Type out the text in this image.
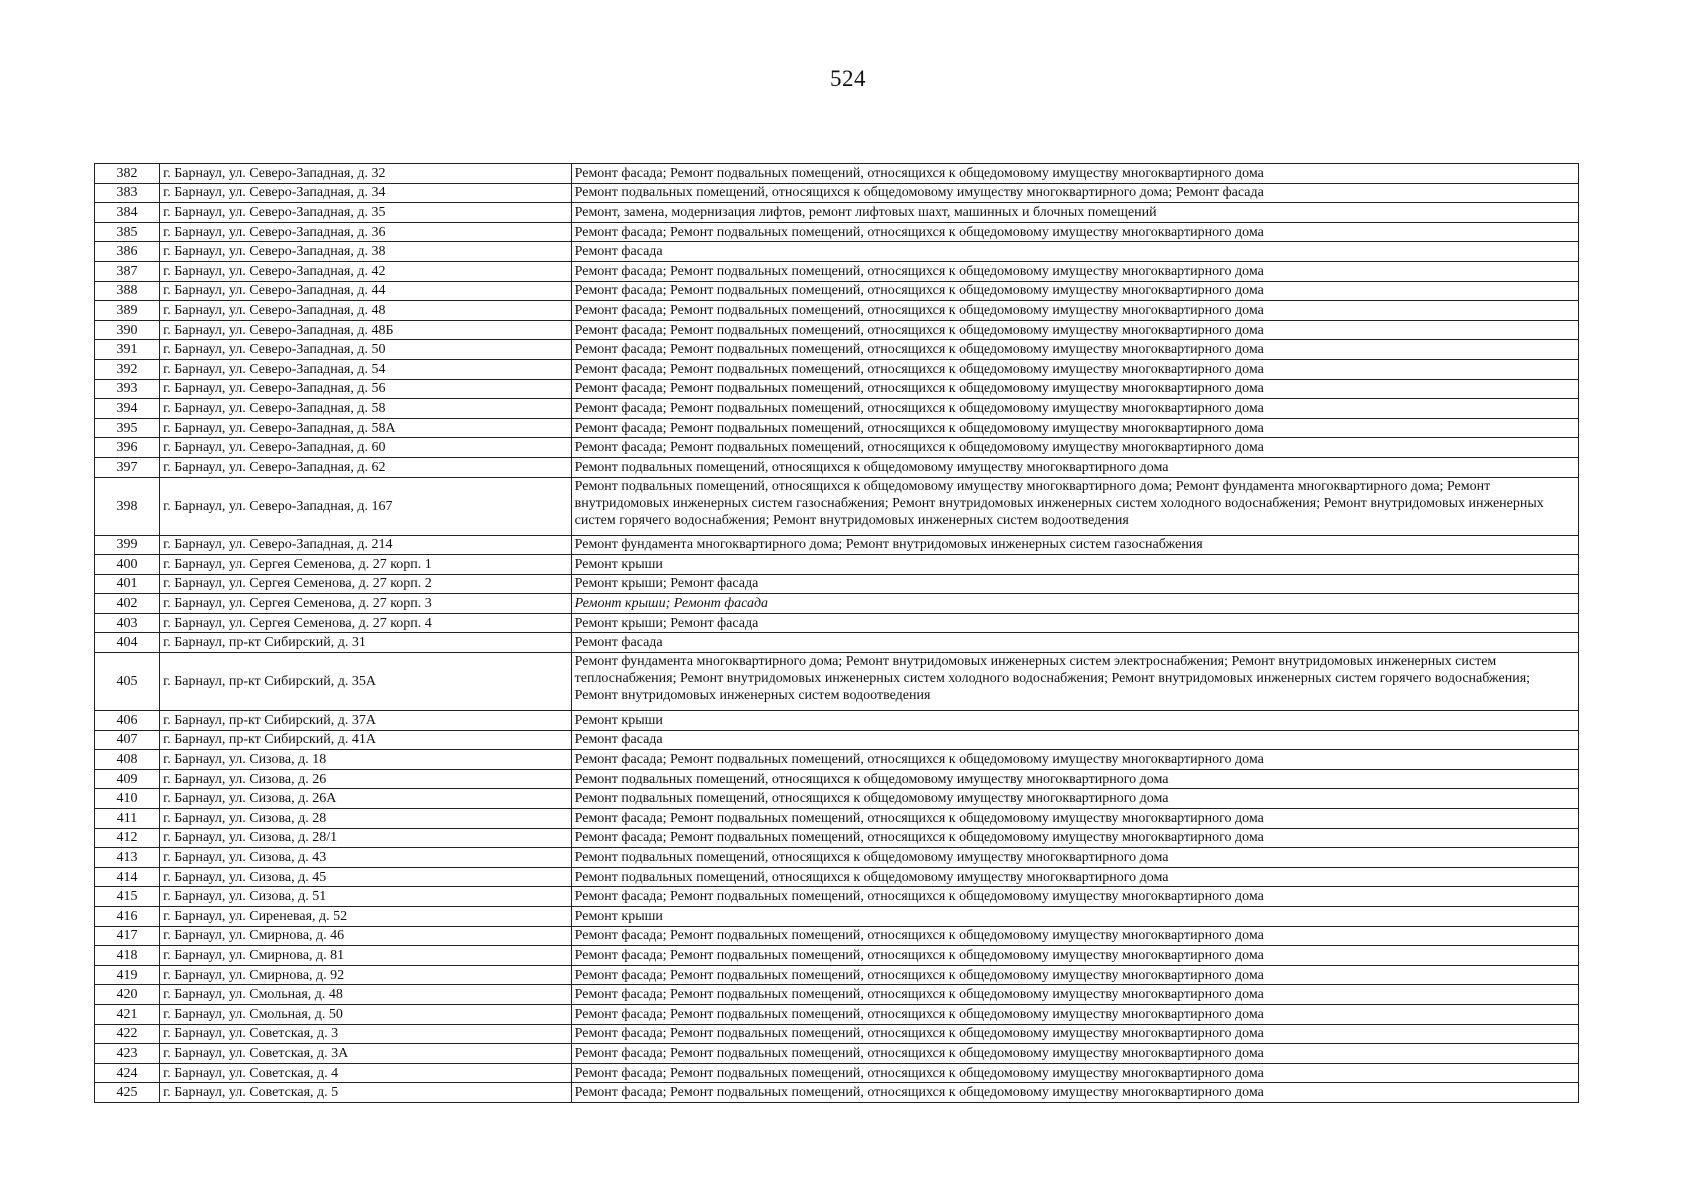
524
382	г. Барнаул, ул. Северо-Западная, д. 32	Ремонт фасада; Ремонт подвальных помещений, относящихся к общедомовому имуществу многоквартирного дома
383	г. Барнаул, ул. Северо-Западная, д. 34	Ремонт подвальных помещений, относящихся к общедомовому имуществу многоквартирного дома; Ремонт фасада
384	г. Барнаул, ул. Северо-Западная, д. 35	Ремонт, замена, модернизация лифтов, ремонт лифтовых шахт, машинных и блочных помещений
385	г. Барнаул, ул. Северо-Западная, д. 36	Ремонт фасада; Ремонт подвальных помещений, относящихся к общедомовому имуществу многоквартирного дома
386	г. Барнаул, ул. Северо-Западная, д. 38	Ремонт фасада
387	г. Барнаул, ул. Северо-Западная, д. 42	Ремонт фасада; Ремонт подвальных помещений, относящихся к общедомовому имуществу многоквартирного дома
388	г. Барнаул, ул. Северо-Западная, д. 44	Ремонт фасада; Ремонт подвальных помещений, относящихся к общедомовому имуществу многоквартирного дома
389	г. Барнаул, ул. Северо-Западная, д. 48	Ремонт фасада; Ремонт подвальных помещений, относящихся к общедомовому имуществу многоквартирного дома
390	г. Барнаул, ул. Северо-Западная, д. 48Б	Ремонт фасада; Ремонт подвальных помещений, относящихся к общедомовому имуществу многоквартирного дома
391	г. Барнаул, ул. Северо-Западная, д. 50	Ремонт фасада; Ремонт подвальных помещений, относящихся к общедомовому имуществу многоквартирного дома
392	г. Барнаул, ул. Северо-Западная, д. 54	Ремонт фасада; Ремонт подвальных помещений, относящихся к общедомовому имуществу многоквартирного дома
393	г. Барнаул, ул. Северо-Западная, д. 56	Ремонт фасада; Ремонт подвальных помещений, относящихся к общедомовому имуществу многоквартирного дома
394	г. Барнаул, ул. Северо-Западная, д. 58	Ремонт фасада; Ремонт подвальных помещений, относящихся к общедомовому имуществу многоквартирного дома
395	г. Барнаул, ул. Северо-Западная, д. 58А	Ремонт фасада; Ремонт подвальных помещений, относящихся к общедомовому имуществу многоквартирного дома
396	г. Барнаул, ул. Северо-Западная, д. 60	Ремонт фасада; Ремонт подвальных помещений, относящихся к общедомовому имуществу многоквартирного дома
397	г. Барнаул, ул. Северо-Западная, д. 62	Ремонт подвальных помещений, относящихся к общедомовому имуществу многоквартирного дома
398	г. Барнаул, ул. Северо-Западная, д. 167	Ремонт подвальных помещений, относящихся к общедомовому имуществу многоквартирного дома; Ремонт фундамента многоквартирного дома; Ремонт внутридомовых инженерных систем газоснабжения; Ремонт внутридомовых инженерных систем холодного водоснабжения; Ремонт внутридомовых инженерных систем горячего водоснабжения; Ремонт внутридомовых инженерных систем водоотведения
399	г. Барнаул, ул. Северо-Западная, д. 214	Ремонт фундамента многоквартирного дома; Ремонт внутридомовых инженерных систем газоснабжения
400	г. Барнаул, ул. Сергея Семенова, д. 27 корп. 1	Ремонт крыши
401	г. Барнаул, ул. Сергея Семенова, д. 27 корп. 2	Ремонт крыши; Ремонт фасада
402	г. Барнаул, ул. Сергея Семенова, д. 27 корп. 3	Ремонт крыши; Ремонт фасада
403	г. Барнаул, ул. Сергея Семенова, д. 27 корп. 4	Ремонт крыши; Ремонт фасада
404	г. Барнаул, пр-кт Сибирский, д. 31	Ремонт фасада
405	г. Барнаул, пр-кт Сибирский, д. 35А	Ремонт фундамента многоквартирного дома; Ремонт внутридомовых инженерных систем электроснабжения; Ремонт внутридомовых инженерных систем теплоснабжения; Ремонт внутридомовых инженерных систем холодного водоснабжения; Ремонт внутридомовых инженерных систем горячего водоснабжения; Ремонт внутридомовых инженерных систем водоотведения
406	г. Барнаул, пр-кт Сибирский, д. 37А	Ремонт крыши
407	г. Барнаул, пр-кт Сибирский, д. 41А	Ремонт фасада
408	г. Барнаул, ул. Сизова, д. 18	Ремонт фасада; Ремонт подвальных помещений, относящихся к общедомовому имуществу многоквартирного дома
409	г. Барнаул, ул. Сизова, д. 26	Ремонт подвальных помещений, относящихся к общедомовому имуществу многоквартирного дома
410	г. Барнаул, ул. Сизова, д. 26А	Ремонт подвальных помещений, относящихся к общедомовому имуществу многоквартирного дома
411	г. Барнаул, ул. Сизова, д. 28	Ремонт фасада; Ремонт подвальных помещений, относящихся к общедомовому имуществу многоквартирного дома
412	г. Барнаул, ул. Сизова, д. 28/1	Ремонт фасада; Ремонт подвальных помещений, относящихся к общедомовому имуществу многоквартирного дома
413	г. Барнаул, ул. Сизова, д. 43	Ремонт подвальных помещений, относящихся к общедомовому имуществу многоквартирного дома
414	г. Барнаул, ул. Сизова, д. 45	Ремонт подвальных помещений, относящихся к общедомовому имуществу многоквартирного дома
415	г. Барнаул, ул. Сизова, д. 51	Ремонт фасада; Ремонт подвальных помещений, относящихся к общедомовому имуществу многоквартирного дома
416	г. Барнаул, ул. Сиреневая, д. 52	Ремонт крыши
417	г. Барнаул, ул. Смирнова, д. 46	Ремонт фасада; Ремонт подвальных помещений, относящихся к общедомовому имуществу многоквартирного дома
418	г. Барнаул, ул. Смирнова, д. 81	Ремонт фасада; Ремонт подвальных помещений, относящихся к общедомовому имуществу многоквартирного дома
419	г. Барнаул, ул. Смирнова, д. 92	Ремонт фасада; Ремонт подвальных помещений, относящихся к общедомовому имуществу многоквартирного дома
420	г. Барнаул, ул. Смольная, д. 48	Ремонт фасада; Ремонт подвальных помещений, относящихся к общедомовому имуществу многоквартирного дома
421	г. Барнаул, ул. Смольная, д. 50	Ремонт фасада; Ремонт подвальных помещений, относящихся к общедомовому имуществу многоквартирного дома
422	г. Барнаул, ул. Советская, д. 3	Ремонт фасада; Ремонт подвальных помещений, относящихся к общедомовому имуществу многоквартирного дома
423	г. Барнаул, ул. Советская, д. 3А	Ремонт фасада; Ремонт подвальных помещений, относящихся к общедомовому имуществу многоквартирного дома
424	г. Барнаул, ул. Советская, д. 4	Ремонт фасада; Ремонт подвальных помещений, относящихся к общедомовому имуществу многоквартирного дома
425	г. Барнаул, ул. Советская, д. 5	Ремонт фасада; Ремонт подвальных помещений, относящихся к общедомовому имуществу многоквартирного дома
